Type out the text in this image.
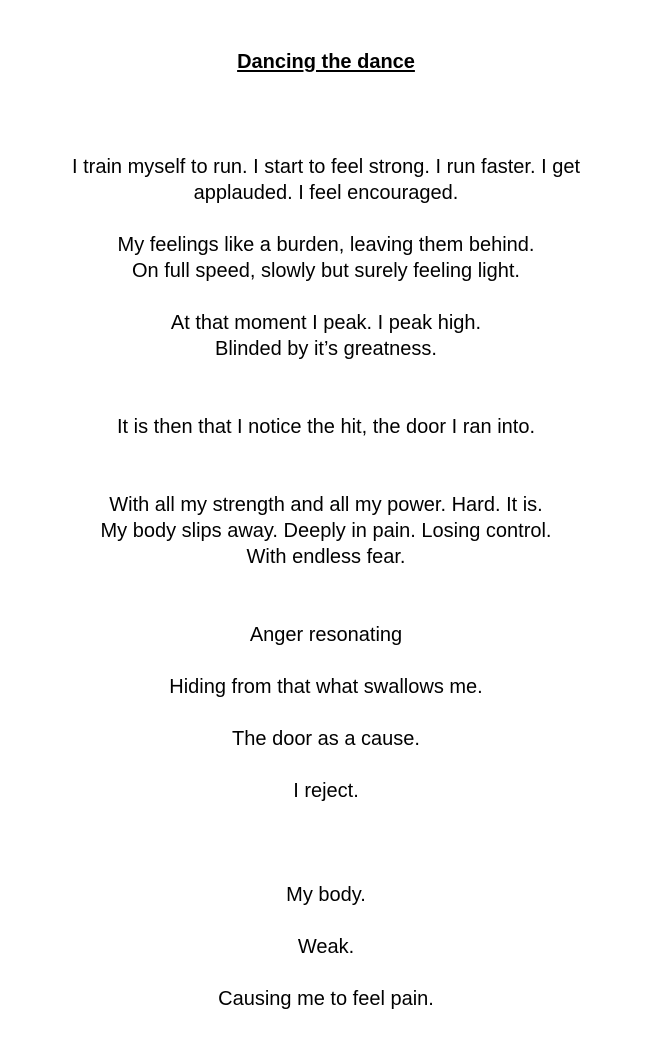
Dancing the dance

I train myself to run. I start to feel strong. I run faster. I get

applauded. I feel encouraged.

My feelings like a burden, leaving them behind.

On full speed, slowly but surely feeling light.

At that moment I peak. I peak high.

Blinded by it’s greatness.

It is then that I notice the hit, the door I ran into.

With all my strength and all my power. Hard. It is.

My body slips away. Deeply in pain. Losing control.

With endless fear.

Anger resonating

Hiding from that what swallows me.

The door as a cause.

I reject.

My body.

Weak.

Causing me to feel pain.
